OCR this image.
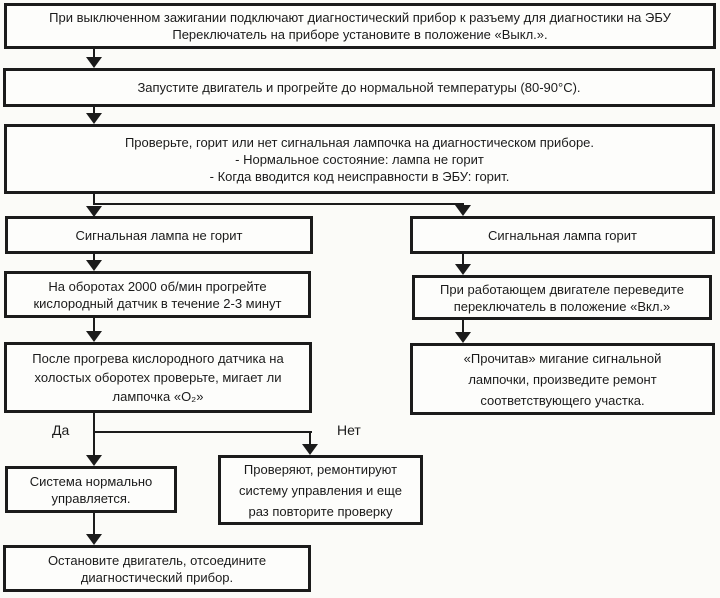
При выключенном зажигании подключают диагностический прибор к разъему для диагностики на ЭБУ
Переключатель на приборе установите в положение «Выкл.».
Запустите двигатель и прогрейте до нормальной температуры (80-90°С).
Проверьте, горит или нет сигнальная лампочка на диагностическом приборе.
- Нормальное состояние: лампа не горит
- Когда вводится код неисправности в ЭБУ: горит.
Сигнальная лампа не горит	Сигнальная лампа горит
На оборотах 2000 об/мин прогрейте
кислородный датчик в течение 2-3 минут
При работающем двигателе переведите
переключатель в положение «Вкл.»
После прогрева кислородного датчика на
холостых оборотех проверьте, мигает ли
лампочка «О₂»
«Прочитав» мигание сигнальной
лампочки, произведите ремонт
соответствующего участка.
Да	Нет
Система нормально
управляется.
Проверяют, ремонтируют
систему управления и еще
раз повторите проверку
Остановите двигатель, отсоедините
диагностический прибор.
